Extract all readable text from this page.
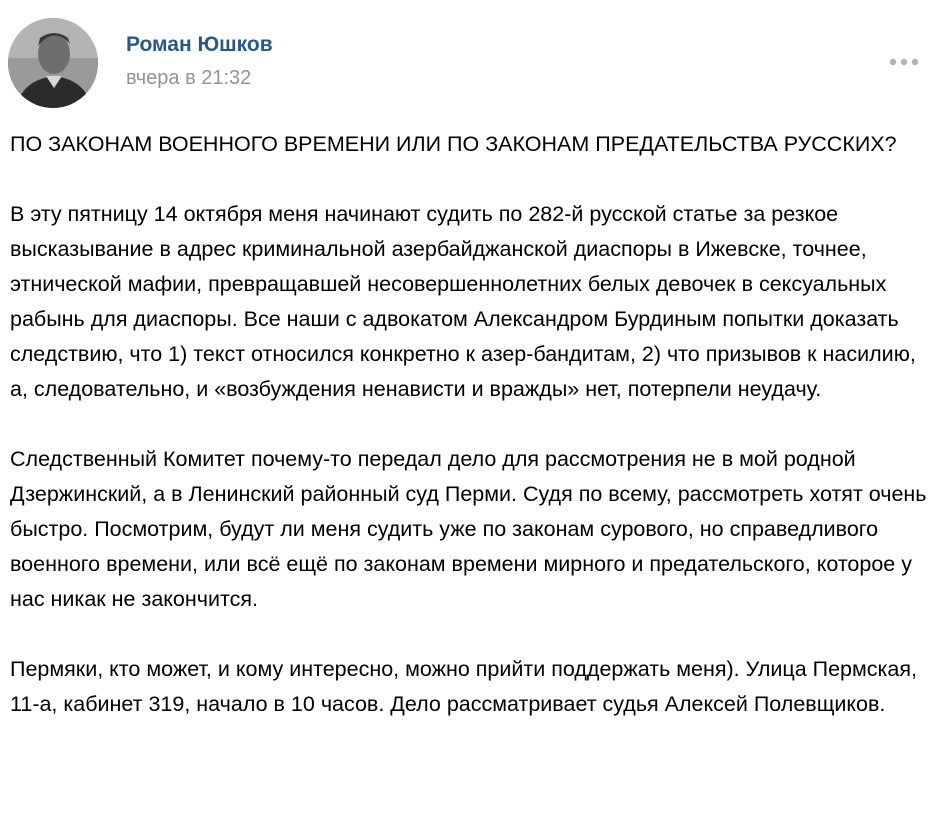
Роман Юшков
вчера в 21:32

ПО ЗАКОНАМ ВОЕННОГО ВРЕМЕНИ ИЛИ ПО ЗАКОНАМ ПРЕДАТЕЛЬСТВА РУССКИХ?

В эту пятницу 14 октября меня начинают судить по 282-й русской статье за резкое высказывание в адрес криминальной азербайджанской диаспоры в Ижевске, точнее, этнической мафии, превращавшей несовершеннолетних белых девочек в сексуальных рабынь для диаспоры. Все наши с адвокатом Александром Бурдиным попытки доказать следствию, что 1) текст относился конкретно к азер-бандитам, 2) что призывов к насилию, а, следовательно, и «возбуждения ненависти и вражды» нет, потерпели неудачу.

Следственный Комитет почему-то передал дело для рассмотрения не в мой родной Дзержинский, а в Ленинский районный суд Перми. Судя по всему, рассмотреть хотят очень быстро. Посмотрим, будут ли меня судить уже по законам сурового, но справедливого военного времени, или всё ещё по законам времени мирного и предательского, которое у нас никак не закончится.

Пермяки, кто может, и кому интересно, можно прийти поддержать меня). Улица Пермская, 11-а, кабинет 319, начало в 10 часов. Дело рассматривает судья Алексей Полевщиков.
